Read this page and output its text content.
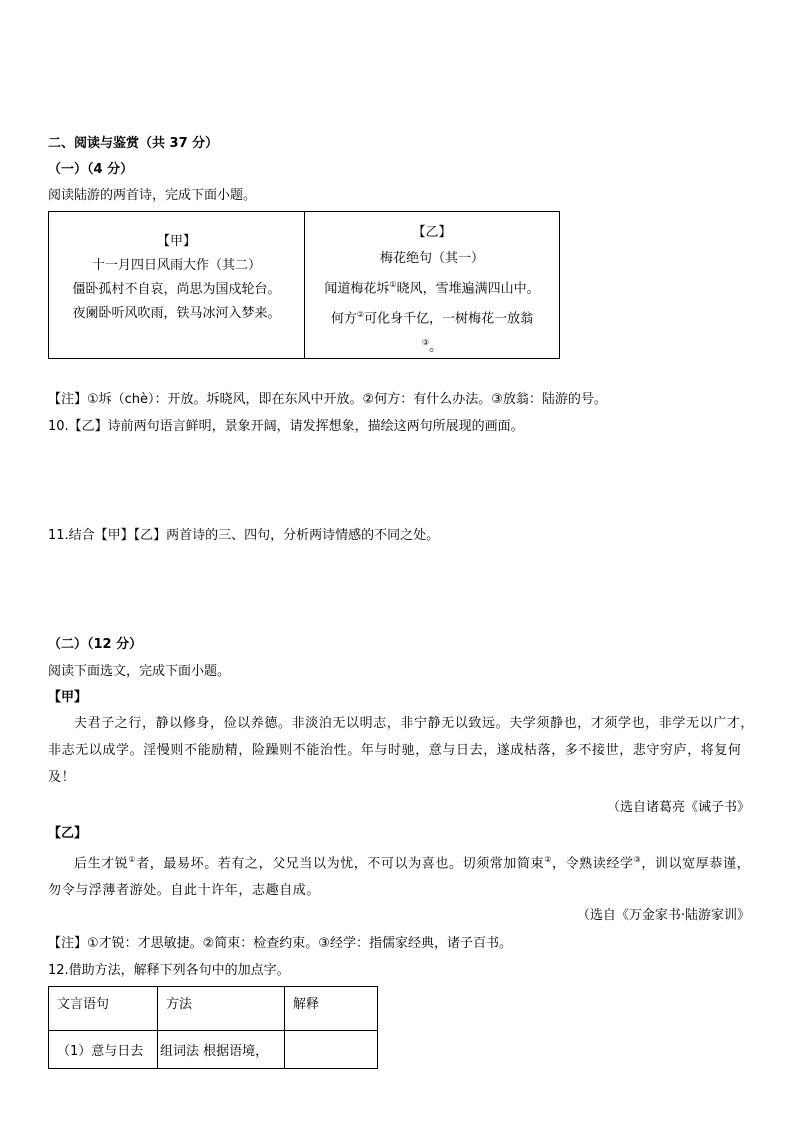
二、阅读与鉴赏（共 37 分）
（一）（4 分）
阅读陆游的两首诗，完成下面小题。
【甲】
十一月四日风雨大作（其二）
僵卧孤村不自哀，尚思为国戍轮台。
夜阑卧听风吹雨，铁马冰河入梦来。

【乙】
梅花绝句（其一）
闻道梅花坼①晓风，雪堆遍满四山中。
何方②可化身千亿，一树梅花一放翁
③。
【注】①坼（chè）：开放。坼晓风，即在东风中开放。②何方：有什么办法。③放翁：陆游的号。
10.【乙】诗前两句语言鲜明，景象开阔，请发挥想象，描绘这两句所展现的画面。
11.结合【甲】【乙】两首诗的三、四句，分析两诗情感的不同之处。
（二）（12 分）
阅读下面选文，完成下面小题。
【甲】
夫君子之行，静以修身，俭以养德。非淡泊无以明志，非宁静无以致远。夫学须静也，才须学也，非学无以广才，非志无以成学。淫慢则不能励精，险躁则不能治性。年与时驰，意与日去，遂成枯落，多不接世，悲守穷庐，将复何及！
（选自诸葛亮《诫子书》
【乙】
后生才锐①者，最易坏。若有之，父兄当以为忧，不可以为喜也。切须常加简束②，令熟读经学③，训以宽厚恭谨，勿令与浮薄者游处。自此十许年，志趣自成。
（选自《万金家书·陆游家训》
【注】①才锐：才思敏捷。②简束：检查约束。③经学：指儒家经典，诸子百书。
12.借助方法，解释下列各句中的加点字。
文言语句	方法	解释
（1）意与日去	组词法 根据语境，	
